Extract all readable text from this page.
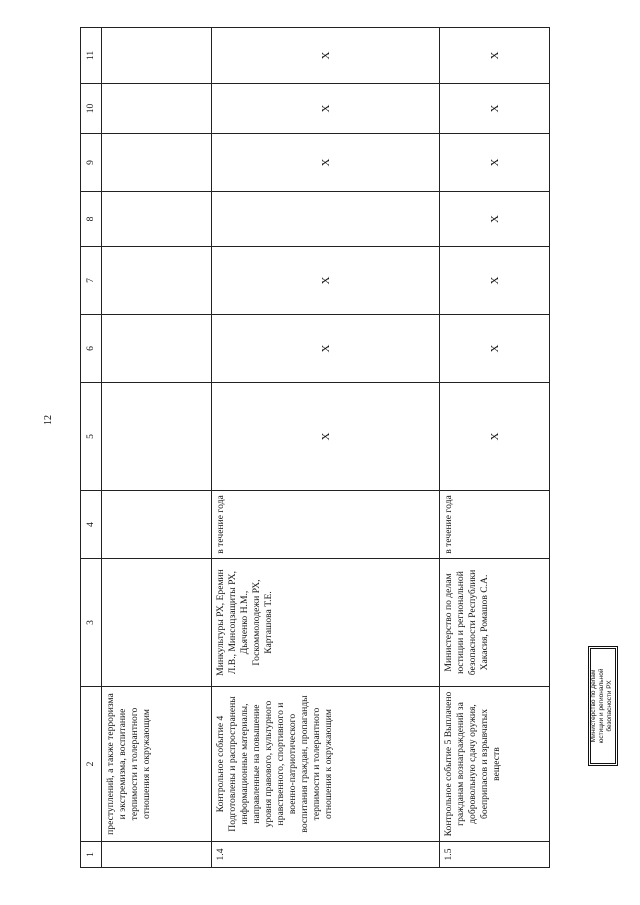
12
1	2	3	4	5	6	7	8	9	10	11
	преступлений, а также терроризма и экстремизма, воспитание терпимости и толерантного отношения к окружающим									
1.4	Контрольное событие 4 Подготовлены и распространены информационные материалы, направленные на повышение уровня правового, культурного нравственного, спортивного и военно-патриотического воспитания граждан, пропаганды терпимости и толерантного отношения к окружающим	Минкультуры РХ, Еремин Л.В., Минсоцзащиты РХ, Дьяченко Н.М., Госкоммолодежи РХ, Карташова Т.Е.	в течение года	X	X	X		X	X	X
1.5	Контрольное событие 5 Выплачено гражданам вознаграждений за добровольную сдачу оружия, боеприпасов и взрывчатых веществ	Министерство по делам юстиции и региональной безопасности Республики Хакасия, Ромашов С.А.	в течение года	X	X	X	X	X	X	X
Министерство по делам юстиции и региональной безопасности РХ
